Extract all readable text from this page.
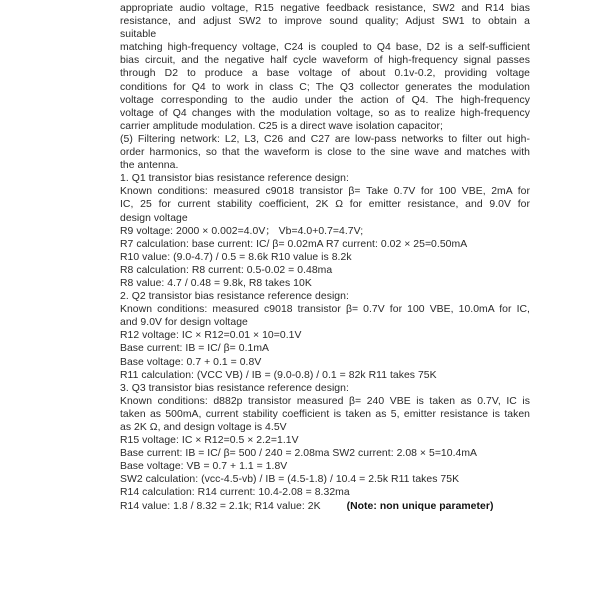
appropriate audio voltage, R15 negative feedback resistance, SW2 and R14 bias
resistance, and adjust SW2 to improve sound quality; Adjust SW1 to obtain a
suitable
matching high-frequency voltage, C24 is coupled to Q4 base, D2 is a self-sufficient
bias circuit, and the negative half cycle waveform of high-frequency signal passes
through D2 to produce a base voltage of about 0.1v-0.2, providing voltage
conditions for Q4 to work in class C; The Q3 collector generates the modulation
voltage corresponding to the audio under the action of Q4. The high-frequency
voltage of Q4 changes with the modulation voltage, so as to realize high-frequency
carrier amplitude modulation. C25 is a direct wave isolation capacitor;
(5) Filtering network: L2, L3, C26 and C27 are low-pass networks to filter out high-
order harmonics, so that the waveform is close to the sine wave and matches with
the antenna.
1. Q1 transistor bias resistance reference design:
Known conditions: measured c9018 transistor β= Take 0.7V for 100 VBE, 2mA for
IC, 25 for current stability coefficient, 2K Ω for emitter resistance, and 9.0V for
design voltage
R9 voltage: 2000 × 0.002=4.0V； Vb=4.0+0.7=4.7V;
R7 calculation: base current: IC/ β= 0.02mA R7 current: 0.02 × 25=0.50mA
R10 value: (9.0-4.7) / 0.5 = 8.6k R10 value is 8.2k
R8 calculation: R8 current: 0.5-0.02 = 0.48ma
R8 value: 4.7 / 0.48 = 9.8k, R8 takes 10K
2. Q2 transistor bias resistance reference design:
Known conditions: measured c9018 transistor β= 0.7V for 100 VBE, 10.0mA for IC,
and 9.0V for design voltage
R12 voltage: IC × R12=0.01 × 10=0.1V
Base current: IB = IC/ β= 0.1mA
Base voltage: 0.7 + 0.1 = 0.8V
R11 calculation: (VCC VB) / IB = (9.0-0.8) / 0.1 = 82k R11 takes 75K
3. Q3 transistor bias resistance reference design:
Known conditions: d882p transistor measured β= 240 VBE is taken as 0.7V, IC is
taken as 500mA, current stability coefficient is taken as 5, emitter resistance is taken
as 2K Ω, and design voltage is 4.5V
R15 voltage: IC × R12=0.5 × 2.2=1.1V
Base current: IB = IC/ β= 500 / 240 = 2.08ma SW2 current: 2.08 × 5=10.4mA
Base voltage: VB = 0.7 + 1.1 = 1.8V
SW2 calculation: (vcc-4.5-vb) / IB = (4.5-1.8) / 10.4 = 2.5k R11 takes 75K
R14 calculation: R14 current: 10.4-2.08 = 8.32ma
R14 value: 1.8 / 8.32 = 2.1k; R14 value: 2K	(Note: non unique parameter)
